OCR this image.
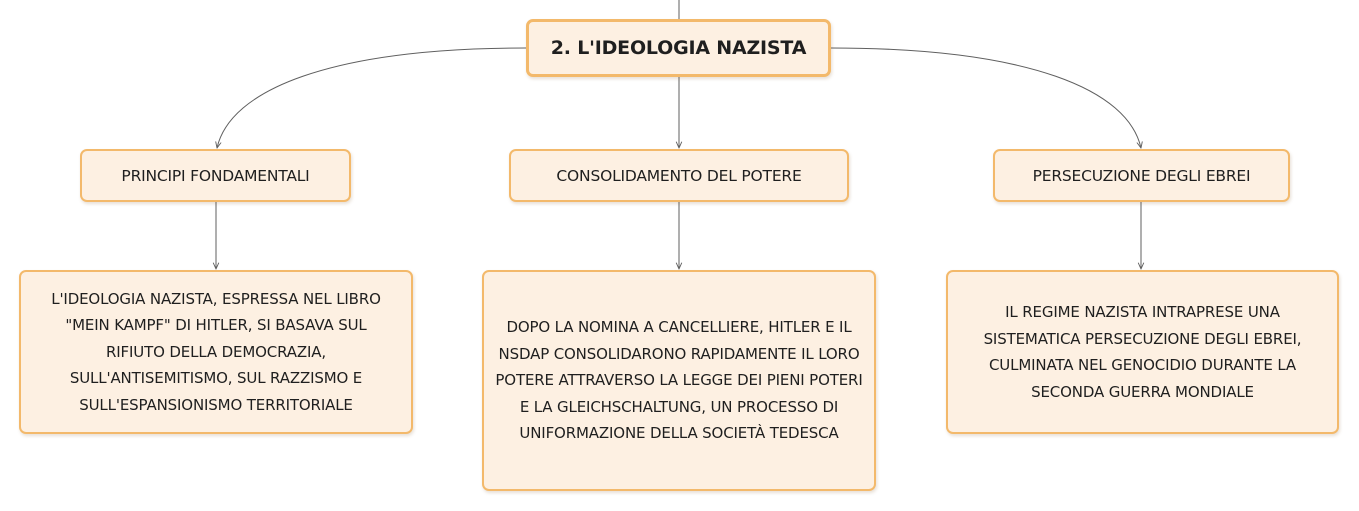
2. L'IDEOLOGIA NAZISTA
PRINCIPI FONDAMENTALI	CONSOLIDAMENTO DEL POTERE	PERSECUZIONE DEGLI EBREI
L'IDEOLOGIA NAZISTA, ESPRESSA NEL LIBRO "MEIN KAMPF" DI HITLER, SI BASAVA SUL RIFIUTO DELLA DEMOCRAZIA, SULL'ANTISEMITISMO, SUL RAZZISMO E SULL'ESPANSIONISMO TERRITORIALE
DOPO LA NOMINA A CANCELLIERE, HITLER E IL NSDAP CONSOLIDARONO RAPIDAMENTE IL LORO POTERE ATTRAVERSO LA LEGGE DEI PIENI POTERI E LA GLEICHSCHALTUNG, UN PROCESSO DI UNIFORMAZIONE DELLA SOCIETÀ TEDESCA
IL REGIME NAZISTA INTRAPRESE UNA SISTEMATICA PERSECUZIONE DEGLI EBREI, CULMINATA NEL GENOCIDIO DURANTE LA SECONDA GUERRA MONDIALE
